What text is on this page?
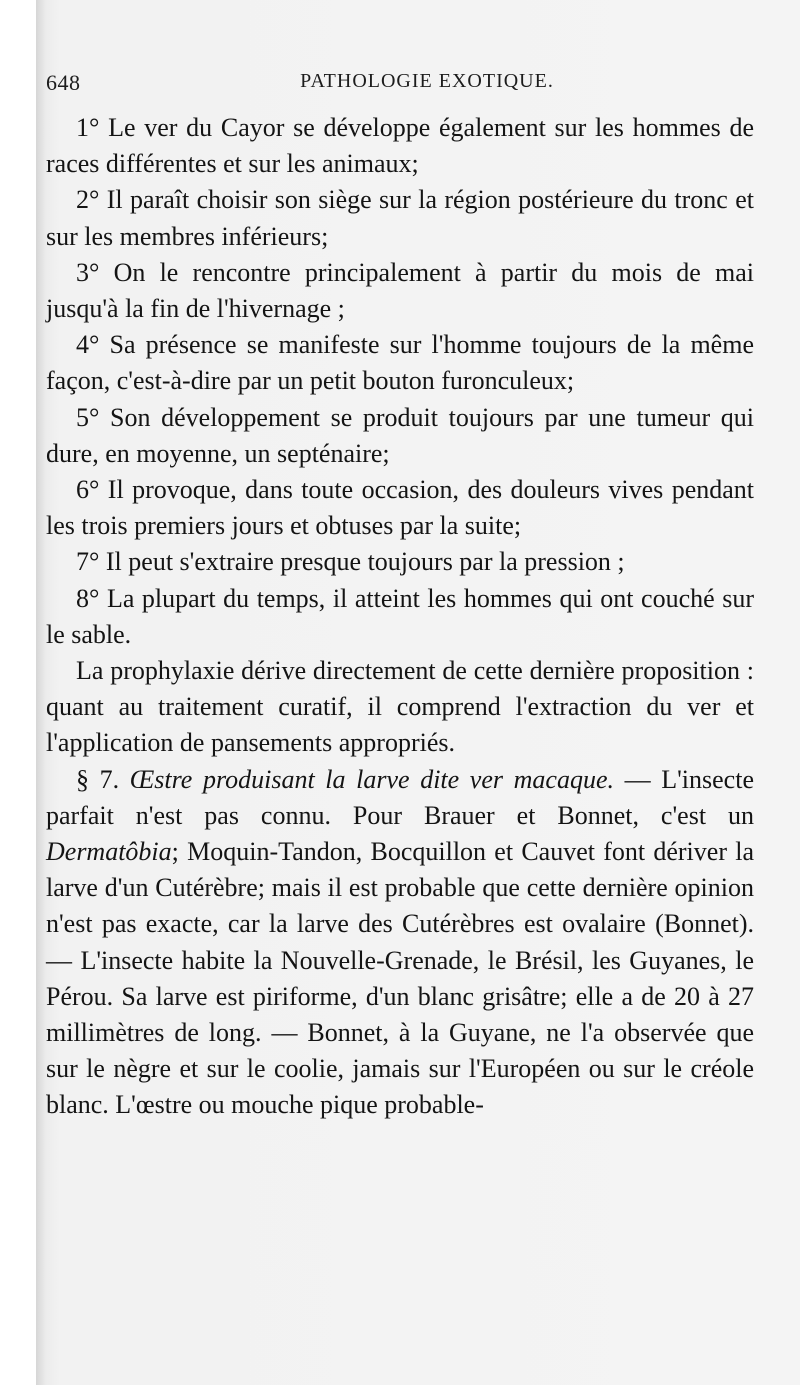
648	PATHOLOGIE EXOTIQUE.

1° Le ver du Cayor se développe également sur les hommes de races différentes et sur les animaux;

2° Il paraît choisir son siège sur la région postérieure du tronc et sur les membres inférieurs;

3° On le rencontre principalement à partir du mois de mai jusqu'à la fin de l'hivernage ;

4° Sa présence se manifeste sur l'homme toujours de la même façon, c'est-à-dire par un petit bouton furonculeux;

5° Son développement se produit toujours par une tumeur qui dure, en moyenne, un septénaire;

6° Il provoque, dans toute occasion, des douleurs vives pendant les trois premiers jours et obtuses par la suite;

7° Il peut s'extraire presque toujours par la pression ;

8° La plupart du temps, il atteint les hommes qui ont couché sur le sable.

La prophylaxie dérive directement de cette dernière proposition : quant au traitement curatif, il comprend l'extraction du ver et l'application de pansements appropriés.

§ 7. Œstre produisant la larve dite ver macaque. — L'insecte parfait n'est pas connu. Pour Brauer et Bonnet, c'est un Dermatôbia; Moquin-Tandon, Bocquillon et Cauvet font dériver la larve d'un Cutérèbre; mais il est probable que cette dernière opinion n'est pas exacte, car la larve des Cutérèbres est ovalaire (Bonnet). — L'insecte habite la Nouvelle-Grenade, le Brésil, les Guyanes, le Pérou. Sa larve est piriforme, d'un blanc grisâtre; elle a de 20 à 27 millimètres de long. — Bonnet, à la Guyane, ne l'a observée que sur le nègre et sur le coolie, jamais sur l'Européen ou sur le créole blanc. L'œstre ou mouche pique probable-
